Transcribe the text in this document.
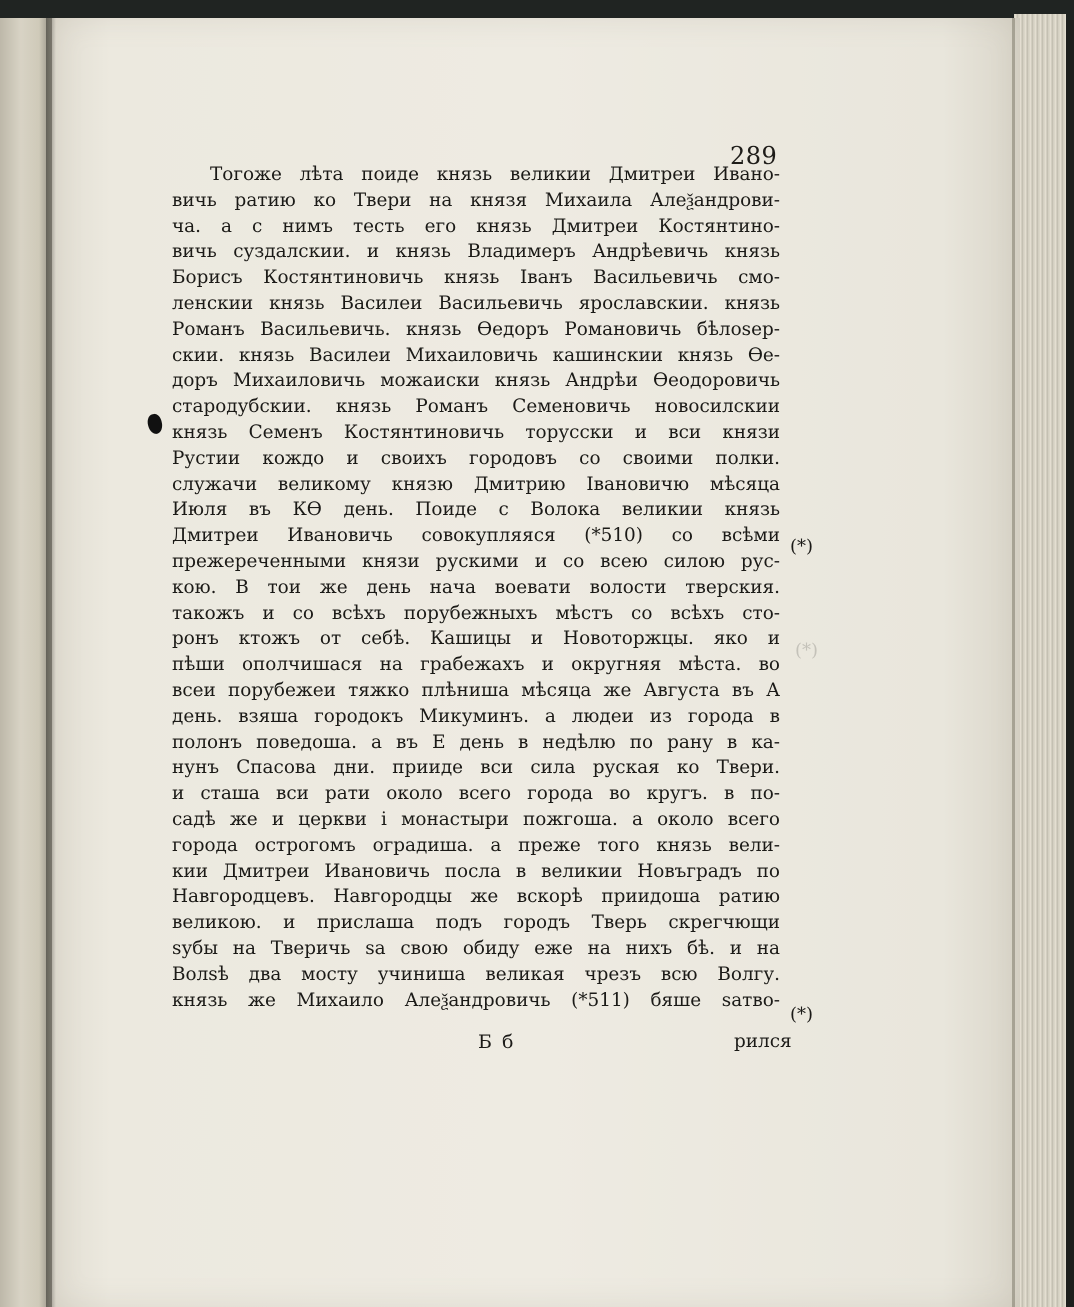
289

Тогоже лѣта поиде князь великии Дмитреи Ивано-
вичь ратию ко Твери на князя Михаила Алеѯандрови-
ча. а с нимъ тесть его князь Дмитреи Костянтино-
вичь суздалскии. и князь Владимеръ Андрѣевичь князь
Борисъ Костянтиновичь князь Іванъ Васильевичь смо-
ленскии князь Василеи Васильевичь ярославскии. князь
Романъ Васильевичь. князь Ѳедоръ Романовичь бѣлоѕер-
скии. князь Василеи Михаиловичь кашинскии князь Ѳе-
доръ Михаиловичь можаиски князь Андрѣи Ѳеодоровичь
стародубскии. князь Романъ Семеновичь новосилскии
князь Семенъ Костянтиновичь торусски и вси князи
Рустии кождо и своихъ городовъ со своими полки.
служачи великому князю Дмитрию Івановичю мѣсяца
Июля въ КѲ день. Поиде с Волока великии князь
Дмитреи Ивановичь совокупляяся (*510) со всѣми
прежереченными князи рускими и со всею силою рус-
кою. В тои же день нача воевати волости тверския.
такожъ и со всѣхъ порубежныхъ мѣстъ со всѣхъ сто-
ронъ ктожъ от себѣ. Кашицы и Новоторжцы. яко и
пѣши ополчишася на грабежахъ и округняя мѣста. во
всеи порубежеи тяжко плѣниша мѣсяца же Августа въ А
день. взяша городокъ Микуминъ. а людеи из города в
полонъ поведоша. а въ Е день в недѣлю по рану в ка-
нунъ Спасова дни. прииде вси сила руская ко Твери.
и сташа вси рати около всего города во кругъ. в по-
садѣ же и церкви і монастыри пожгоша. а около всего
города острогомъ оградиша. а преже того князь вели-
кии Дмитреи Ивановичь посла в великии Новъградъ по
Навгородцевъ. Навгородцы же вскорѣ приидоша ратию
великою. и прислаша подъ городъ Тверь скрегчющи
ѕубы на Тверичь ѕа свою обиду еже на нихъ бѣ. и на
Волѕѣ два мосту учиниша великая чрезъ всю Волгу.
князь же Михаило Алеѯандровичь (*511) бяше ѕатво-
(*)
(*)
(*)
Б б	рился
